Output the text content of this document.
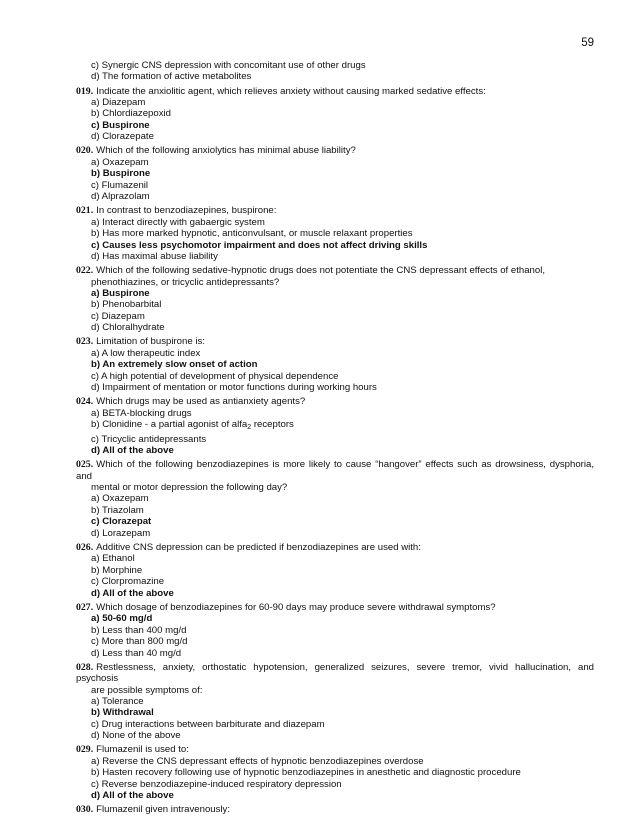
59
c) Synergic CNS depression with concomitant use of other drugs
d) The formation of active metabolites
019. Indicate the anxiolitic agent, which relieves anxiety without causing marked sedative effects:
a) Diazepam
b) Chlordiazepoxid
c) Buspirone
d) Clorazepate
020. Which of the following anxiolytics has minimal abuse liability?
a) Oxazepam
b) Buspirone
c) Flumazenil
d) Alprazolam
021. In contrast to benzodiazepines, buspirone:
a) Interact directly with gabaergic system
b) Has more marked hypnotic, anticonvulsant, or muscle relaxant properties
c) Causes less psychomotor impairment and does not affect driving skills
d) Has maximal abuse liability
022. Which of the following sedative-hypnotic drugs does not potentiate the CNS depressant effects of ethanol,
phenothiazines, or tricyclic antidepressants?
a) Buspirone
b) Phenobarbital
c) Diazepam
d) Chloralhydrate
023. Limitation of buspirone is:
a) A low therapeutic index
b) An extremely slow onset of action
c) A high potential of development of physical dependence
d) Impairment of mentation or motor functions during working hours
024. Which drugs may be used as antianxiety agents?
a) BETA-blocking drugs
b) Clonidine - a partial agonist of alfa$_2$ receptors
c) Tricyclic antidepressants
d) All of the above
025. Which of the following benzodiazepines is more likely to cause “hangover” effects such as drowsiness, dysphoria, and
mental or motor depression the following day?
a) Oxazepam
b) Triazolam
c) Clorazepat
d) Lorazepam
026. Additive CNS depression can be predicted if benzodiazepines are used with:
a) Ethanol
b) Morphine
c) Clorpromazine
d) All of the above
027. Which dosage of benzodiazepines for 60-90 days may produce severe withdrawal symptoms?
a) 50-60 mg/d
b) Less than 400 mg/d
c) More than 800 mg/d
d) Less than 40 mg/d
028. Restlessness, anxiety, orthostatic hypotension, generalized seizures, severe tremor, vivid hallucination, and psychosis
are possible symptoms of:
a) Tolerance
b) Withdrawal
c) Drug interactions between barbiturate and diazepam
d) None of the above
029. Flumazenil is used to:
a) Reverse the CNS depressant effects of hypnotic benzodiazepines overdose
b) Hasten recovery following use of hypnotic benzodiazepines in anesthetic and diagnostic procedure
c) Reverse benzodiazepine-induced respiratory depression
d) All of the above
030. Flumazenil given intravenously:
